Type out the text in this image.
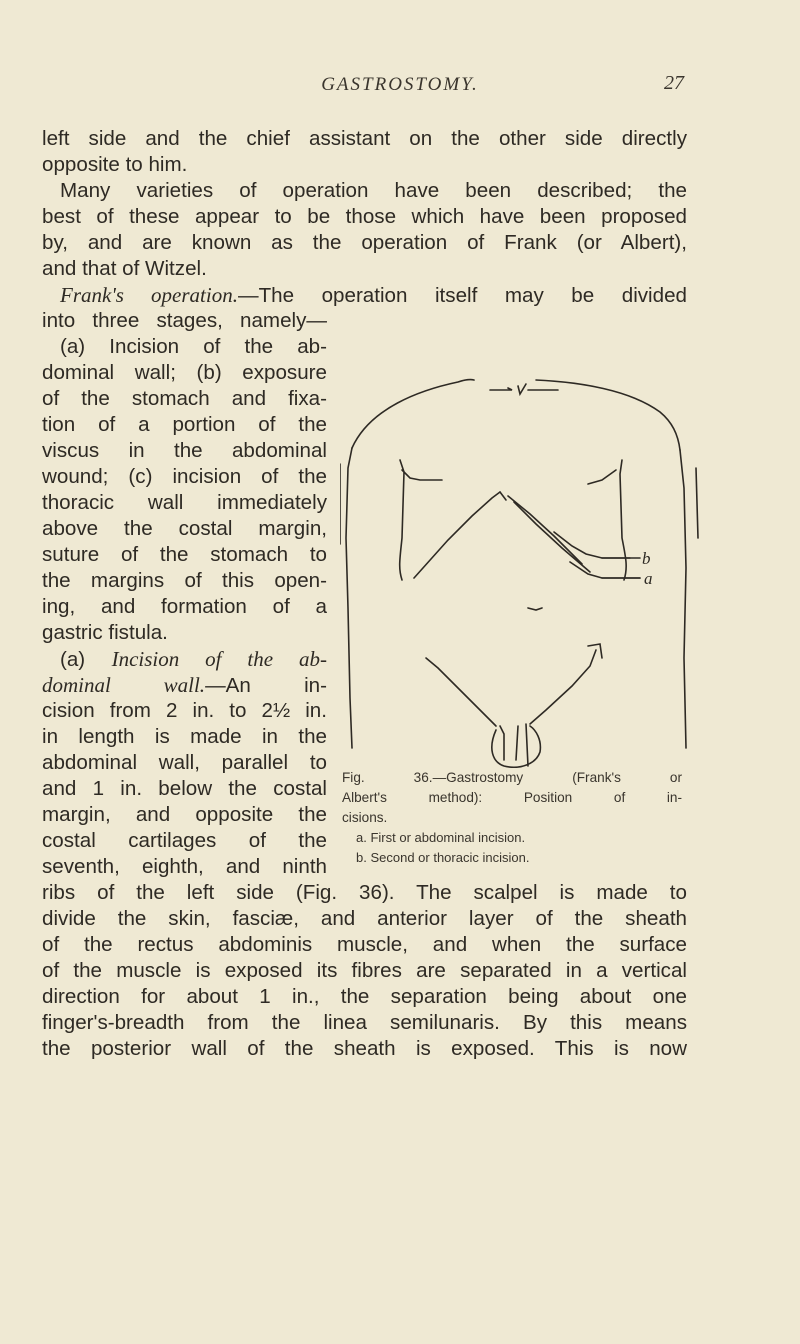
GASTROSTOMY.	27
left side and the chief assistant on the other side directly
opposite to him.
Many varieties of operation have been described; the
best of these appear to be those which have been proposed
by, and are known as the operation of Frank (or Albert),
and that of Witzel.
Frank's operation.—The operation itself may be divided
into three stages, namely—
(a) Incision of the ab-
dominal wall; (b) exposure
of the stomach and fixa-
tion of a portion of the
viscus in the abdominal
wound; (c) incision of the
thoracic wall immediately
above the costal margin,
suture of the stomach to
the margins of this open-
ing, and formation of a
gastric fistula.
(a) Incision of the ab-
dominal wall.—An in-
cision from 2 in. to 2½ in.
in length is made in the
abdominal wall, parallel to
and 1 in. below the costal
margin, and opposite the
costal cartilages of the
seventh, eighth, and ninth
ribs of the left side (Fig. 36). The scalpel is made to
divide the skin, fasciæ, and anterior layer of the sheath
of the rectus abdominis muscle, and when the surface
of the muscle is exposed its fibres are separated in a vertical
direction for about 1 in., the separation being about one
finger's-breadth from the linea semilunaris. By this means
the posterior wall of the sheath is exposed. This is now
b
a
Fig. 36.—Gastrostomy (Frank's or
Albert's method): Position of in-
cisions.
a. First or abdominal incision.
b. Second or thoracic incision.
